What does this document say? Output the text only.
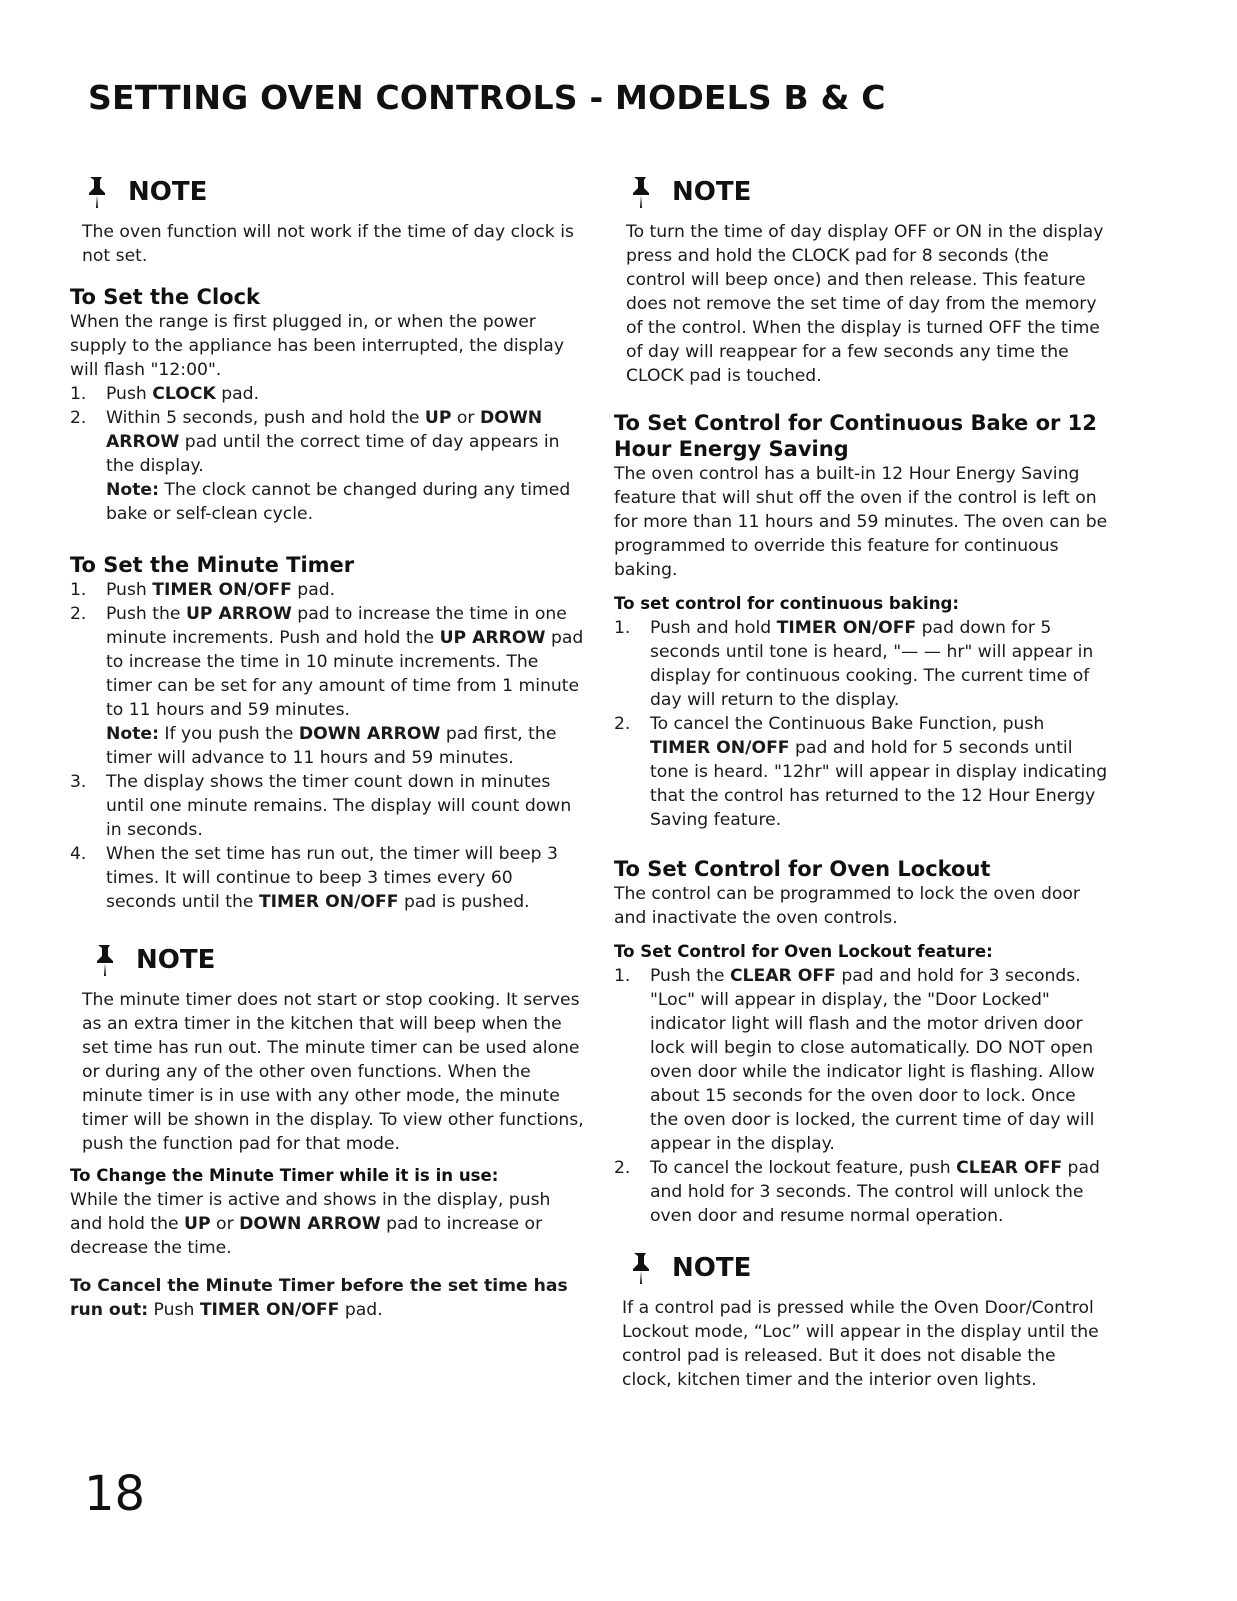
SETTING OVEN CONTROLS - MODELS B & C
NOTE

The oven function will not work if the time of day clock is not set.

To Set the Clock

When the range is first plugged in, or when the power supply to the appliance has been interrupted, the display will flash "12:00".

1. Push CLOCK pad.
2. Within 5 seconds, push and hold the UP or DOWN ARROW pad until the correct time of day appears in the display.
Note: The clock cannot be changed during any timed bake or self-clean cycle.
To Set the Minute Timer
1. Push TIMER ON/OFF pad.
2. Push the UP ARROW pad to increase the time in one minute increments. Push and hold the UP ARROW pad to increase the time in 10 minute increments. The timer can be set for any amount of time from 1 minute to 11 hours and 59 minutes.
Note: If you push the DOWN ARROW pad first, the timer will advance to 11 hours and 59 minutes.
3. The display shows the timer count down in minutes until one minute remains. The display will count down in seconds.
4. When the set time has run out, the timer will beep 3 times. It will continue to beep 3 times every 60 seconds until the TIMER ON/OFF pad is pushed.
NOTE

The minute timer does not start or stop cooking. It serves as an extra timer in the kitchen that will beep when the set time has run out. The minute timer can be used alone or during any of the other oven functions. When the minute timer is in use with any other mode, the minute timer will be shown in the display. To view other functions, push the function pad for that mode.

To Change the Minute Timer while it is in use:

While the timer is active and shows in the display, push and hold the UP or DOWN ARROW pad to increase or decrease the time.

To Cancel the Minute Timer before the set time has run out: Push TIMER ON/OFF pad.

NOTE

To turn the time of day display OFF or ON in the display press and hold the CLOCK pad for 8 seconds (the control will beep once) and then release. This feature does not remove the set time of day from the memory of the control. When the display is turned OFF the time of day will reappear for a few seconds any time the CLOCK pad is touched.

To Set Control for Continuous Bake or 12 Hour Energy Saving

The oven control has a built-in 12 Hour Energy Saving feature that will shut off the oven if the control is left on for more than 11 hours and 59 minutes. The oven can be programmed to override this feature for continuous baking.

To set control for continuous baking:
1. Push and hold TIMER ON/OFF pad down for 5 seconds until tone is heard, "— — hr" will appear in display for continuous cooking. The current time of day will return to the display.
2. To cancel the Continuous Bake Function, push TIMER ON/OFF pad and hold for 5 seconds until tone is heard. "12hr" will appear in display indicating that the control has returned to the 12 Hour Energy Saving feature.
To Set Control for Oven Lockout

The control can be programmed to lock the oven door and inactivate the oven controls.

To Set Control for Oven Lockout feature:
1. Push the CLEAR OFF pad and hold for 3 seconds. "Loc" will appear in display, the "Door Locked" indicator light will flash and the motor driven door lock will begin to close automatically. DO NOT open oven door while the indicator light is flashing. Allow about 15 seconds for the oven door to lock. Once the oven door is locked, the current time of day will appear in the display.
2. To cancel the lockout feature, push CLEAR OFF pad and hold for 3 seconds. The control will unlock the oven door and resume normal operation.
NOTE

If a control pad is pressed while the Oven Door/Control Lockout mode, “Loc” will appear in the display until the control pad is released. But it does not disable the clock, kitchen timer and the interior oven lights.

18
